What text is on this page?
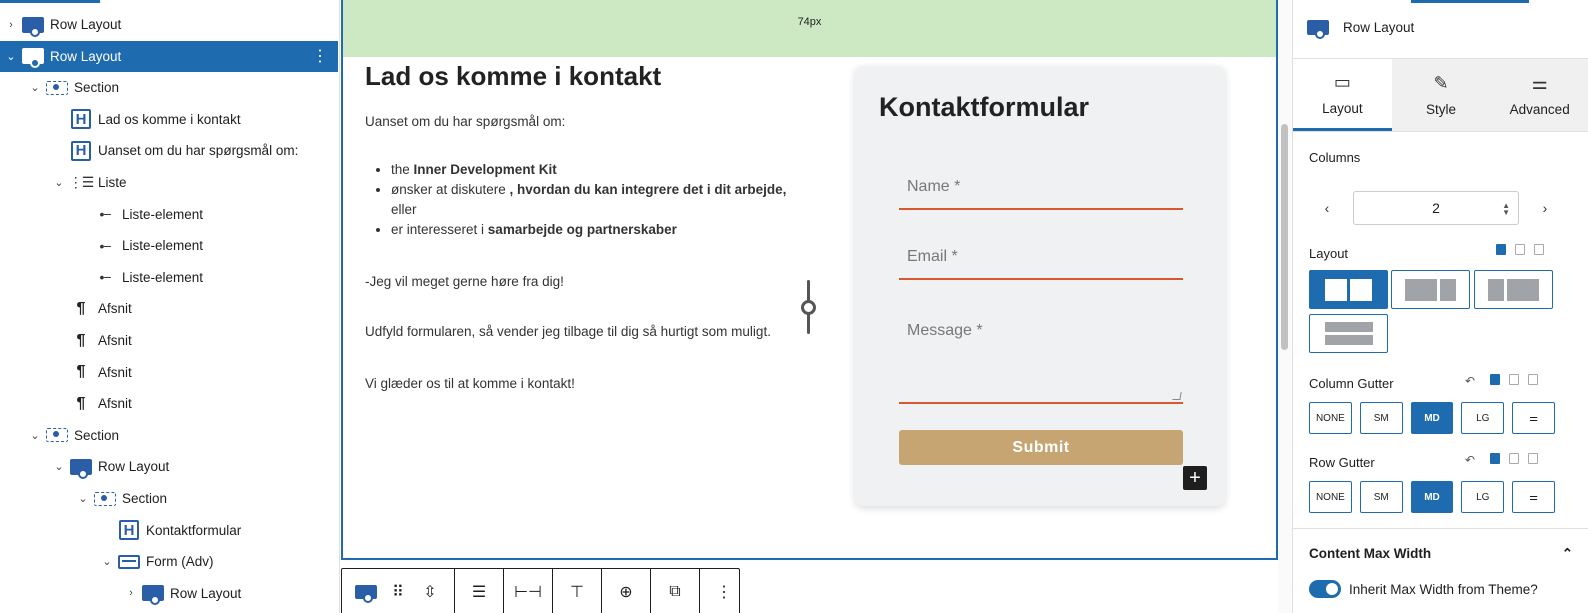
›	Row Layout
⌄	Row Layout	⋮
⌄	Section
H Lad os komme i kontakt
H Uanset om du har spørgsmål om:
⌄ ⋮☰ Liste
•− Liste-element
•− Liste-element
•− Liste-element
¶ Afsnit
¶ Afsnit
¶ Afsnit
¶ Afsnit
⌄	Section
⌄	Row Layout
⌄	Section
H Kontaktformular
⌄	Form (Adv)
›	Row Layout
74px
Lad os komme i kontakt

Uanset om du har spørgsmål om:

• the Inner Development Kit
• ønsker at diskutere , hvordan du kan integrere det i dit arbejde, eller
• er interesseret i samarbejde og partnerskaber

-Jeg vil meget gerne høre fra dig!

Udfyld formularen, så vender jeg tilbage til dig så hurtigt som muligt.

Vi glæder os til at komme i kontakt!

Kontaktformular
Name *
Email *
Message *
Submit
+
⠿ ⇳ ☰ ⊢⊣ ⊤ ⊕ ⧉ ⋮
Row Layout
▭
Layout
✎
Style
⚌
Advanced
Columns
‹	2	▲
▼	›
Layout
Column Gutter	↶
NONE	SM	MD	LG	⚌
Row Gutter	↶
NONE	SM	MD	LG	⚌
Content Max Width	⌃
Inherit Max Width from Theme?
